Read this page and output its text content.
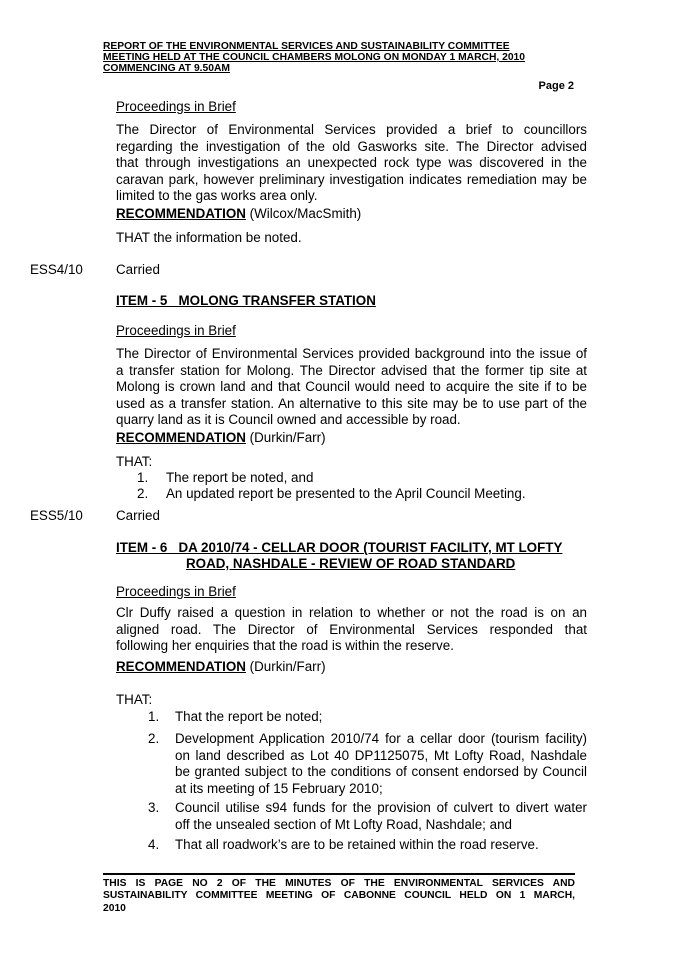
REPORT OF THE ENVIRONMENTAL SERVICES AND SUSTAINABILITY COMMITTEE
MEETING HELD AT THE COUNCIL CHAMBERS MOLONG ON MONDAY 1 MARCH, 2010
COMMENCING AT 9.50AM
Page 2
Proceedings in Brief
The Director of Environmental Services provided a brief to councillors
regarding the investigation of the old Gasworks site. The Director advised
that through investigations an unexpected rock type was discovered in the
caravan park, however preliminary investigation indicates remediation may be
limited to the gas works area only.
RECOMMENDATION (Wilcox/MacSmith)
THAT the information be noted.
ESS4/10 Carried
ITEM - 5   MOLONG TRANSFER STATION
Proceedings in Brief
The Director of Environmental Services provided background into the issue of
a transfer station for Molong. The Director advised that the former tip site at
Molong is crown land and that Council would need to acquire the site if to be
used as a transfer station. An alternative to this site may be to use part of the
quarry land as it is Council owned and accessible by road.
RECOMMENDATION (Durkin/Farr)
THAT:
1. The report be noted, and
2. An updated report be presented to the April Council Meeting.
ESS5/10 Carried
ITEM - 6   DA 2010/74 - CELLAR DOOR (TOURIST FACILITY, MT LOFTY
ROAD, NASHDALE - REVIEW OF ROAD STANDARD
Proceedings in Brief
Clr Duffy raised a question in relation to whether or not the road is on an
aligned road. The Director of Environmental Services responded that
following her enquiries that the road is within the reserve.
RECOMMENDATION (Durkin/Farr)
THAT:
1. That the report be noted;
2. Development Application 2010/74 for a cellar door (tourism facility)
on land described as Lot 40 DP1125075, Mt Lofty Road, Nashdale
be granted subject to the conditions of consent endorsed by Council
at its meeting of 15 February 2010;
3. Council utilise s94 funds for the provision of culvert to divert water
off the unsealed section of Mt Lofty Road, Nashdale; and
4. That all roadwork’s are to be retained within the road reserve.
THIS IS PAGE NO 2 OF THE MINUTES OF THE ENVIRONMENTAL SERVICES AND
SUSTAINABILITY COMMITTEE MEETING OF CABONNE COUNCIL HELD ON 1 MARCH,
2010
